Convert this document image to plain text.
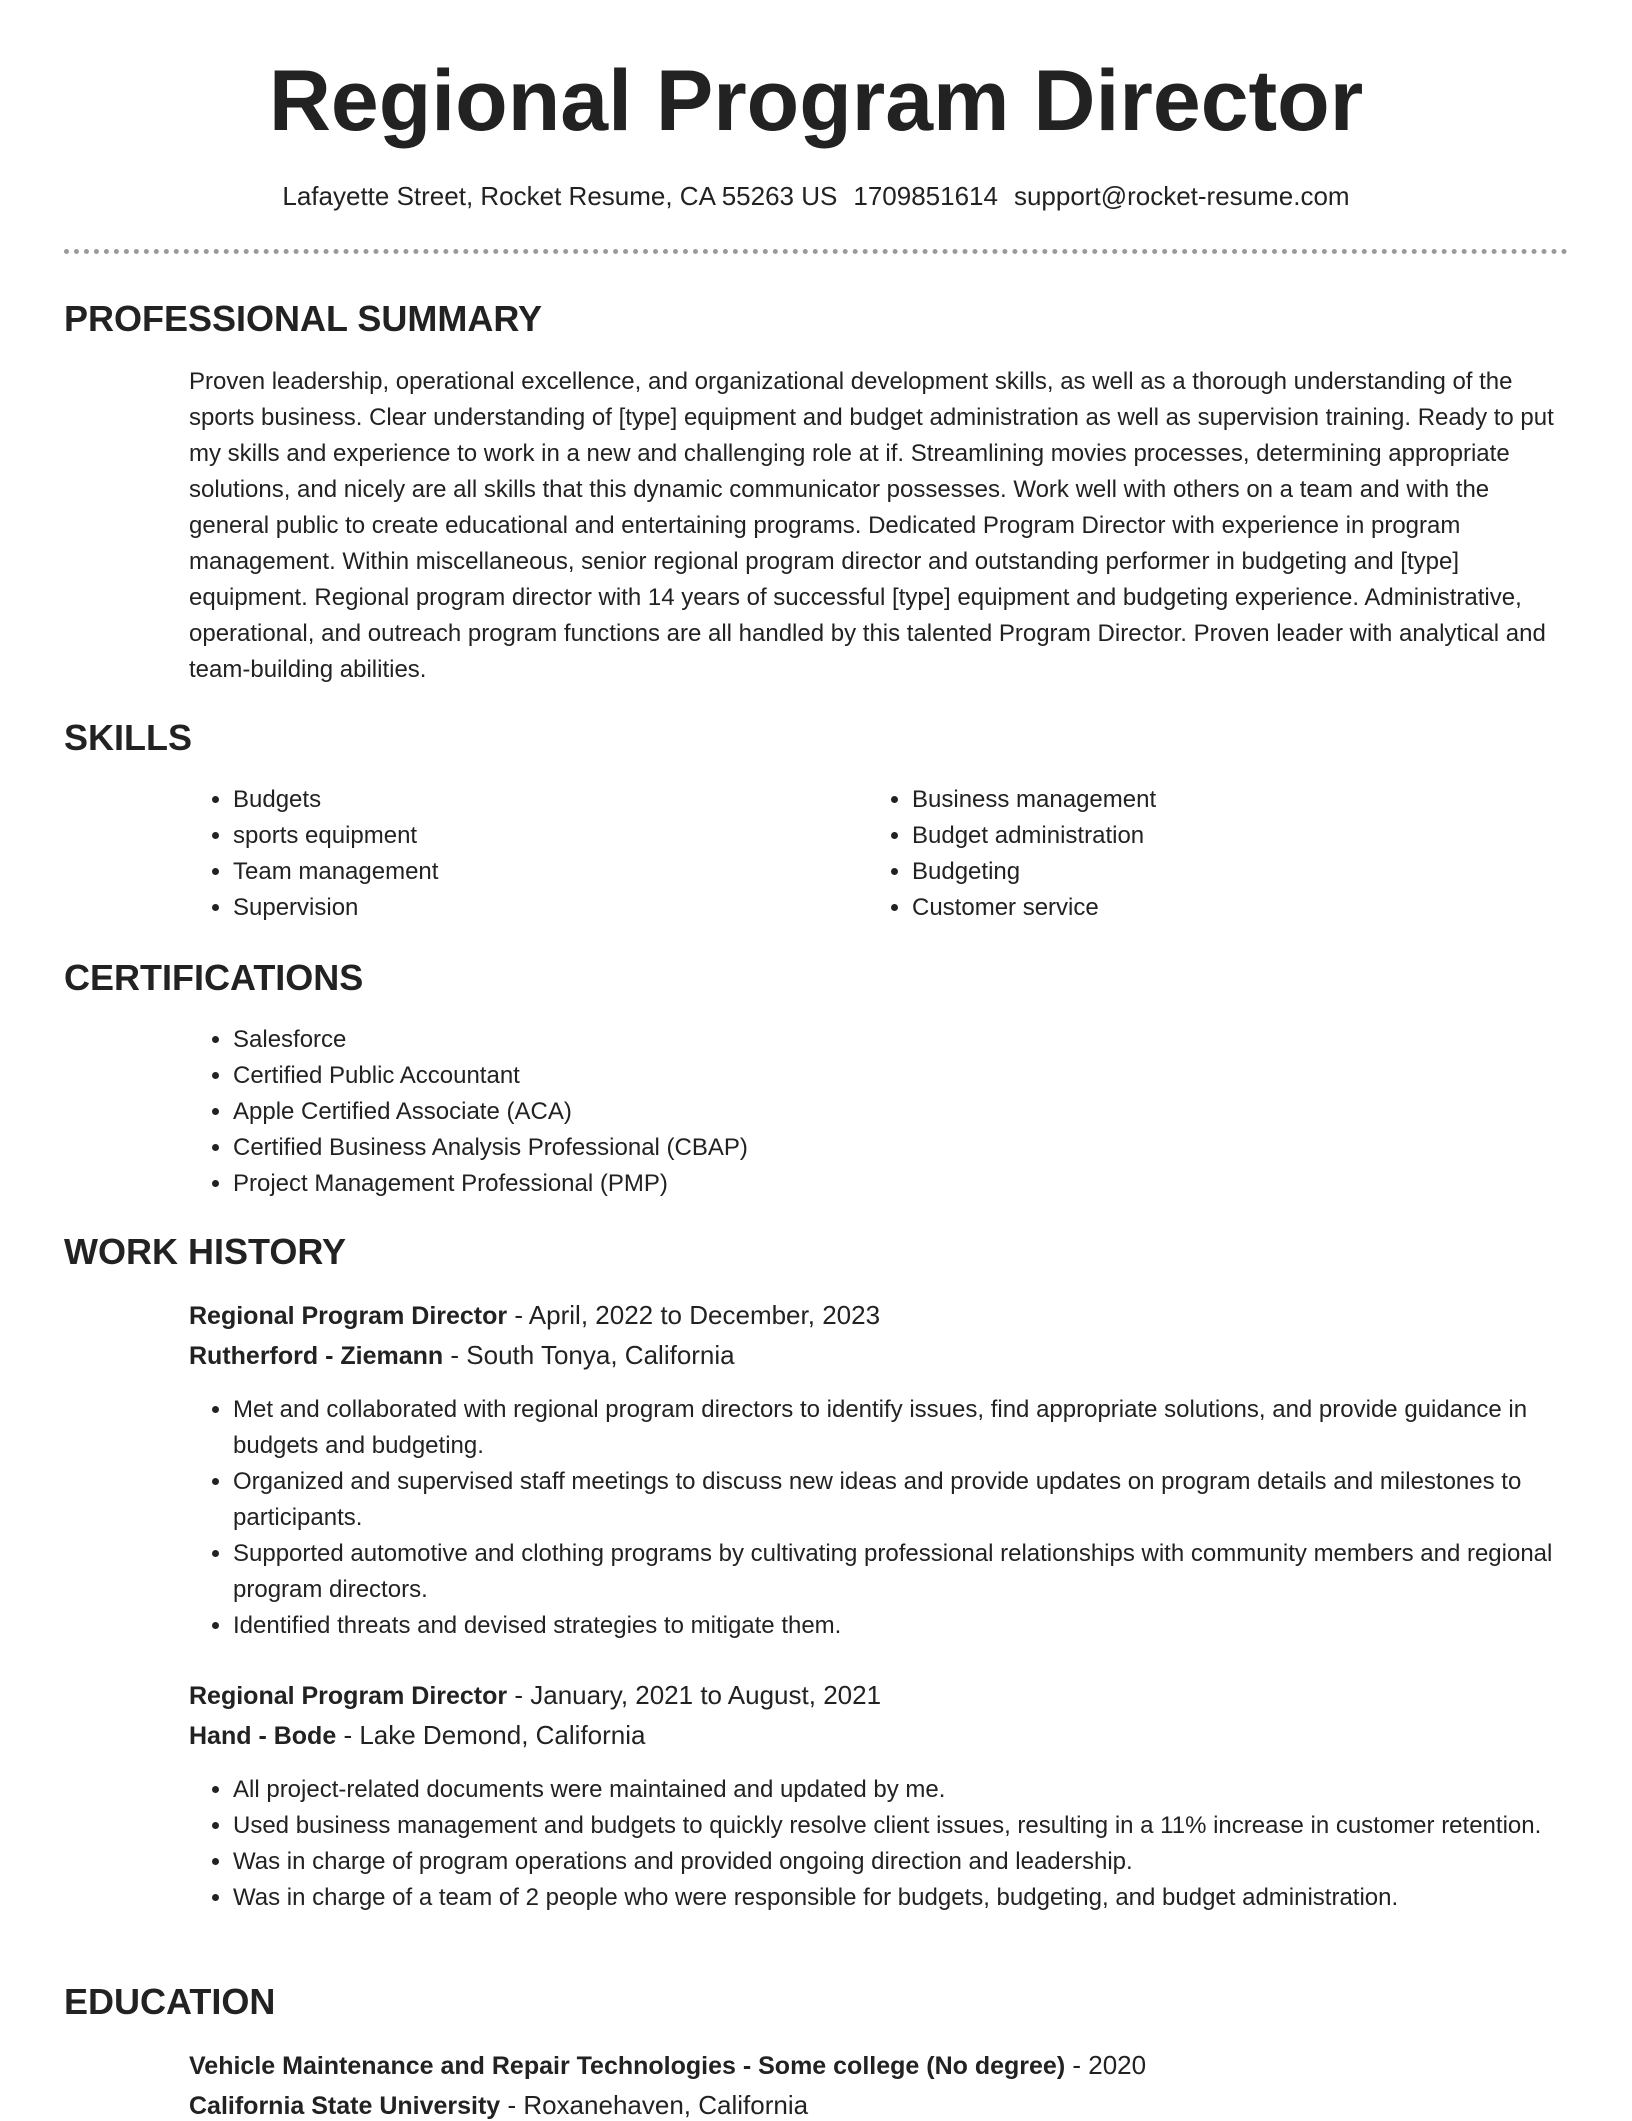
Regional Program Director
Lafayette Street, Rocket Resume, CA 55263 US 1709851614 support@rocket-resume.com
PROFESSIONAL SUMMARY

Proven leadership, operational excellence, and organizational development skills, as well as a thorough understanding of the sports business. Clear understanding of [type] equipment and budget administration as well as supervision training. Ready to put my skills and experience to work in a new and challenging role at if. Streamlining movies processes, determining appropriate solutions, and nicely are all skills that this dynamic communicator possesses. Work well with others on a team and with the general public to create educational and entertaining programs. Dedicated Program Director with experience in program management. Within miscellaneous, senior regional program director and outstanding performer in budgeting and [type] equipment. Regional program director with 14 years of successful [type] equipment and budgeting experience. Administrative, operational, and outreach program functions are all handled by this talented Program Director. Proven leader with analytical and team-building abilities.

SKILLS
• Budgets
• sports equipment
• Team management
• Supervision
• Business management
• Budget administration
• Budgeting
• Customer service
CERTIFICATIONS
• Salesforce
• Certified Public Accountant
• Apple Certified Associate (ACA)
• Certified Business Analysis Professional (CBAP)
• Project Management Professional (PMP)
WORK HISTORY
Regional Program Director - April, 2022 to December, 2023
Rutherford - Ziemann - South Tonya, California
• Met and collaborated with regional program directors to identify issues, find appropriate solutions, and provide guidance in budgets and budgeting.
• Organized and supervised staff meetings to discuss new ideas and provide updates on program details and milestones to participants.
• Supported automotive and clothing programs by cultivating professional relationships with community members and regional program directors.
• Identified threats and devised strategies to mitigate them.
Regional Program Director - January, 2021 to August, 2021
Hand - Bode - Lake Demond, California
• All project-related documents were maintained and updated by me.
• Used business management and budgets to quickly resolve client issues, resulting in a 11% increase in customer retention.
• Was in charge of program operations and provided ongoing direction and leadership.
• Was in charge of a team of 2 people who were responsible for budgets, budgeting, and budget administration.
EDUCATION
Vehicle Maintenance and Repair Technologies - Some college (No degree) - 2020
California State University - Roxanehaven, California
